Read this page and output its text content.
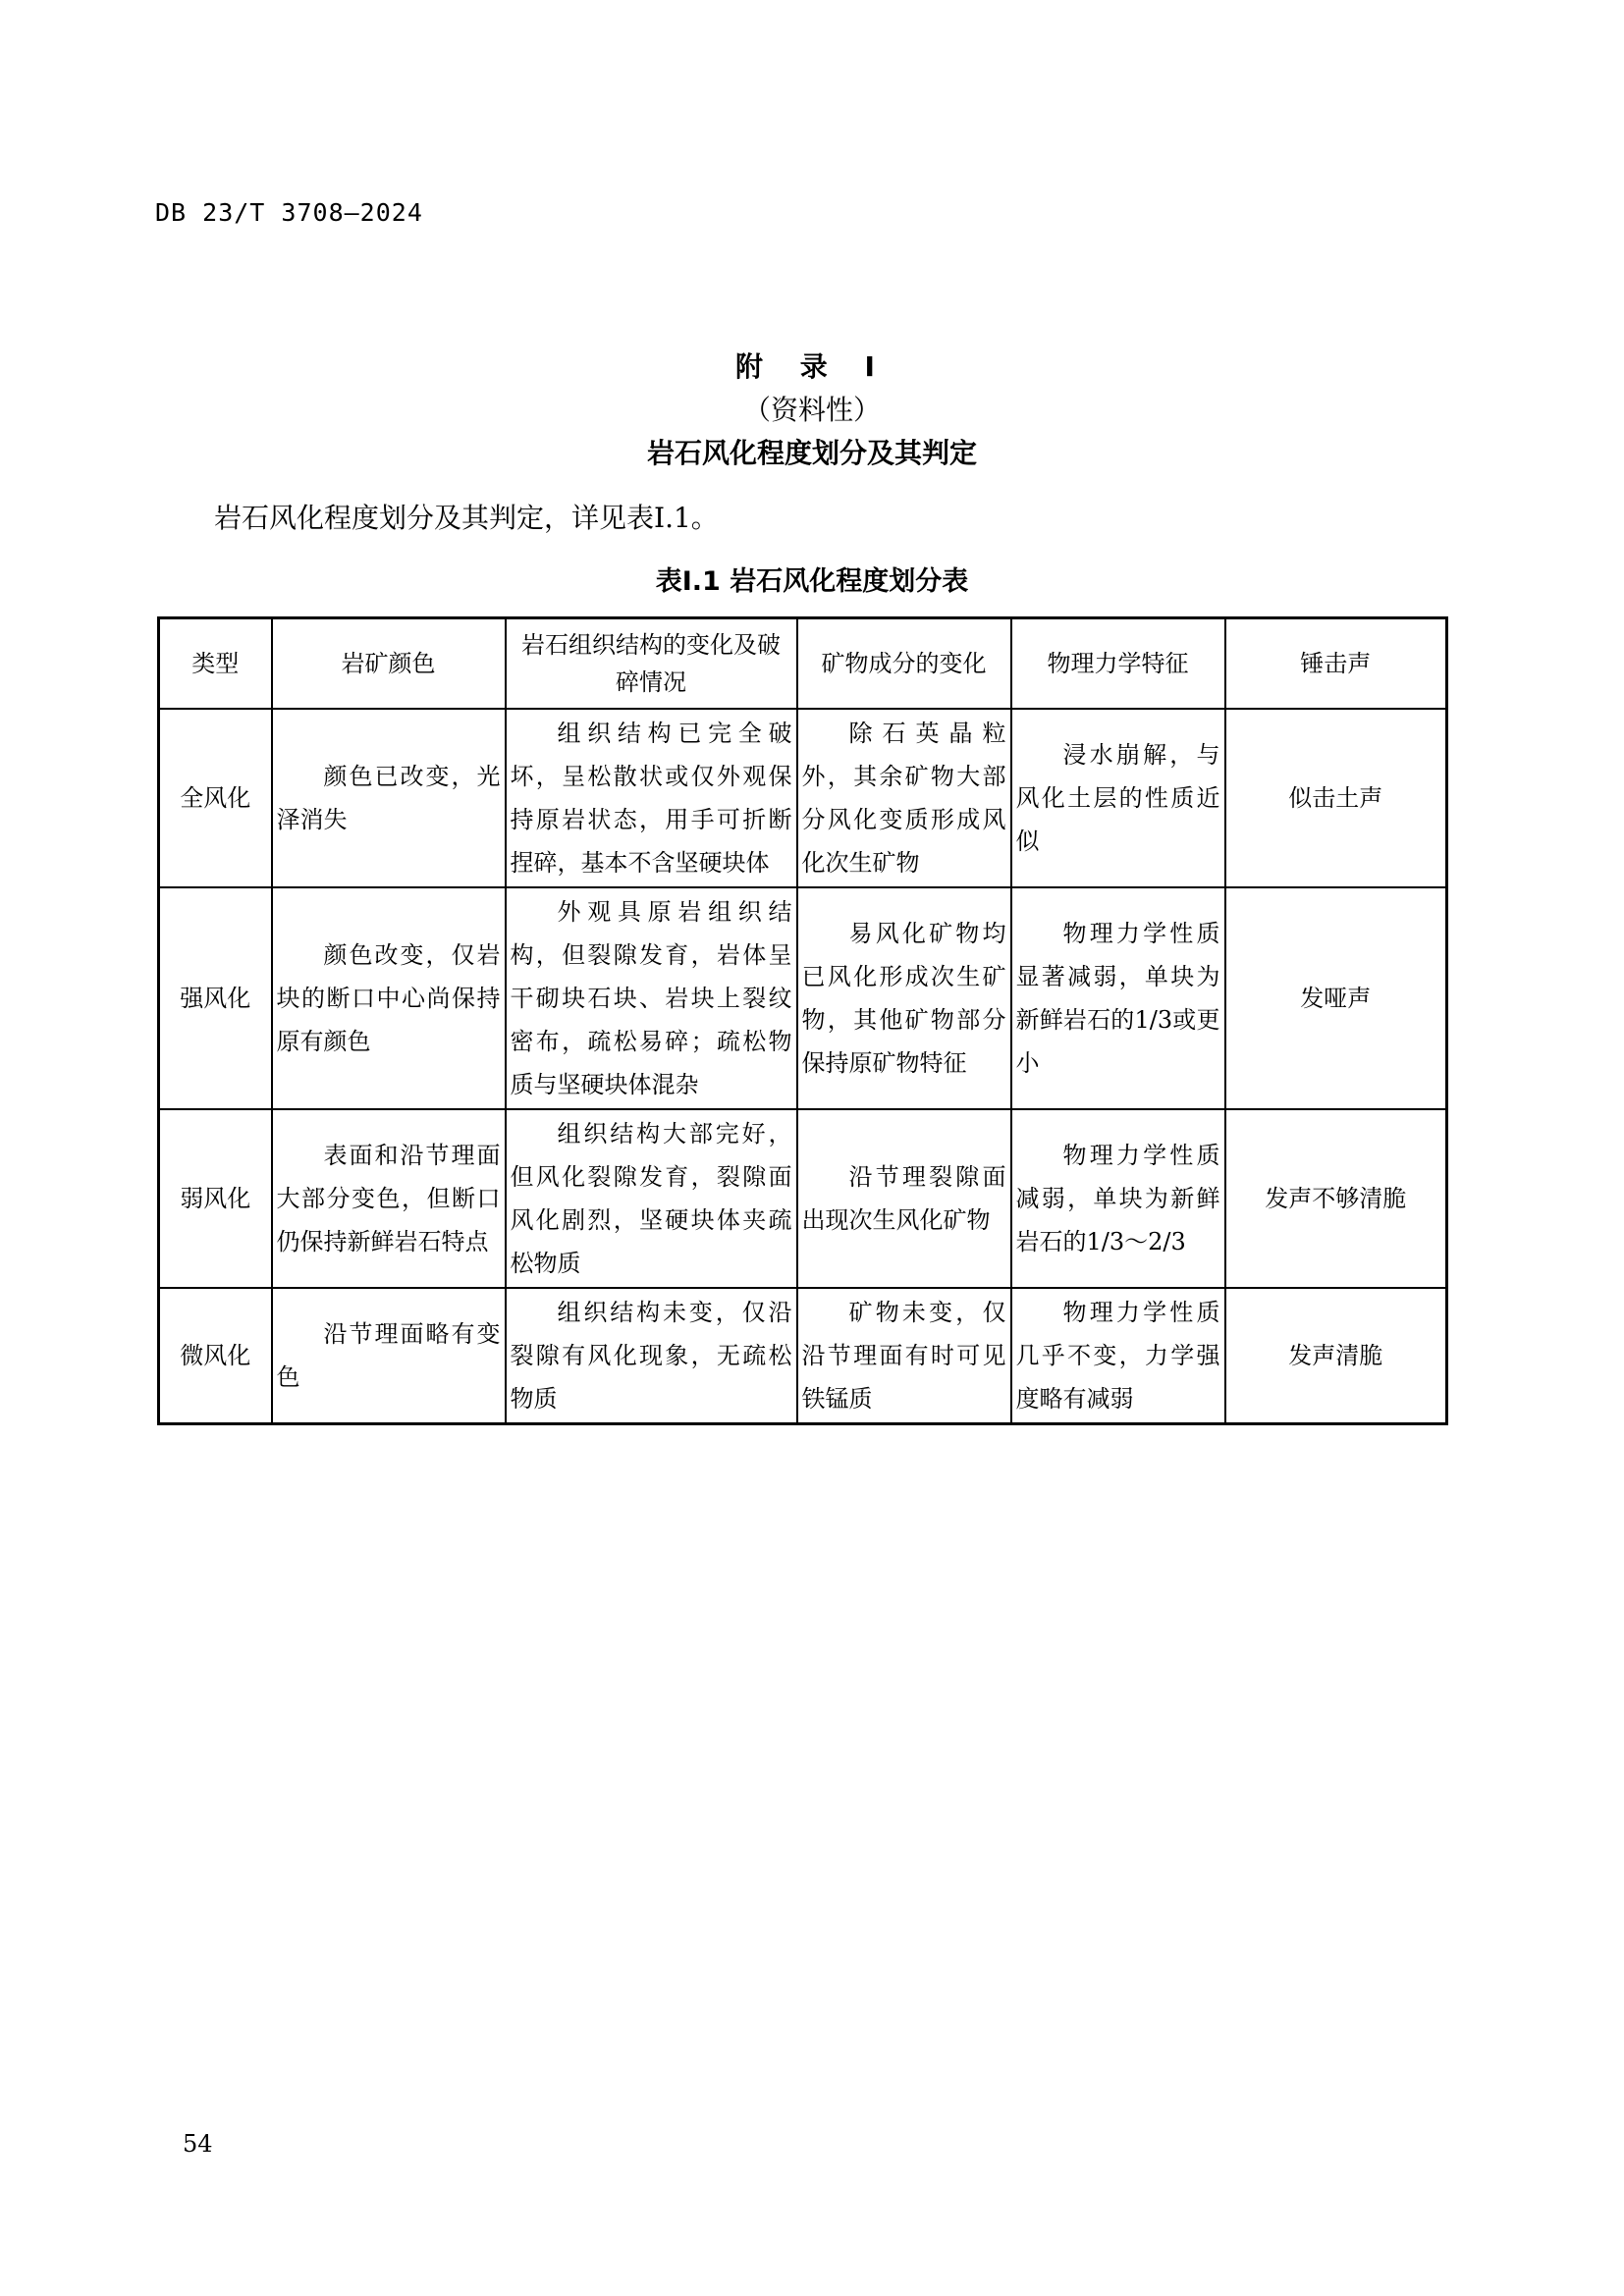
DB 23/T 3708—2024
附 录 I
（资料性）
岩石风化程度划分及其判定
岩石风化程度划分及其判定，详见表I.1。
表I.1 岩石风化程度划分表
类型	岩矿颜色	岩石组织结构的变化及破碎情况	矿物成分的变化	物理力学特征	锤击声
全风化	颜色已改变，光泽消失	组织结构已完全破坏，呈松散状或仅外观保持原岩状态，用手可折断捏碎，基本不含坚硬块体	除石英晶粒外，其余矿物大部分风化变质形成风化次生矿物	浸水崩解，与风化土层的性质近似	似击土声
强风化	颜色改变，仅岩块的断口中心尚保持原有颜色	外观具原岩组织结构，但裂隙发育，岩体呈干砌块石块、岩块上裂纹密布，疏松易碎；疏松物质与坚硬块体混杂	易风化矿物均已风化形成次生矿物，其他矿物部分保持原矿物特征	物理力学性质显著减弱，单块为新鲜岩石的1/3或更小	发哑声
弱风化	表面和沿节理面大部分变色，但断口仍保持新鲜岩石特点	组织结构大部完好，但风化裂隙发育，裂隙面风化剧烈，坚硬块体夹疏松物质	沿节理裂隙面出现次生风化矿物	物理力学性质减弱，单块为新鲜岩石的1/3～2/3	发声不够清脆
微风化	沿节理面略有变色	组织结构未变，仅沿裂隙有风化现象，无疏松物质	矿物未变，仅沿节理面有时可见铁锰质	物理力学性质几乎不变，力学强度略有减弱	发声清脆
54
